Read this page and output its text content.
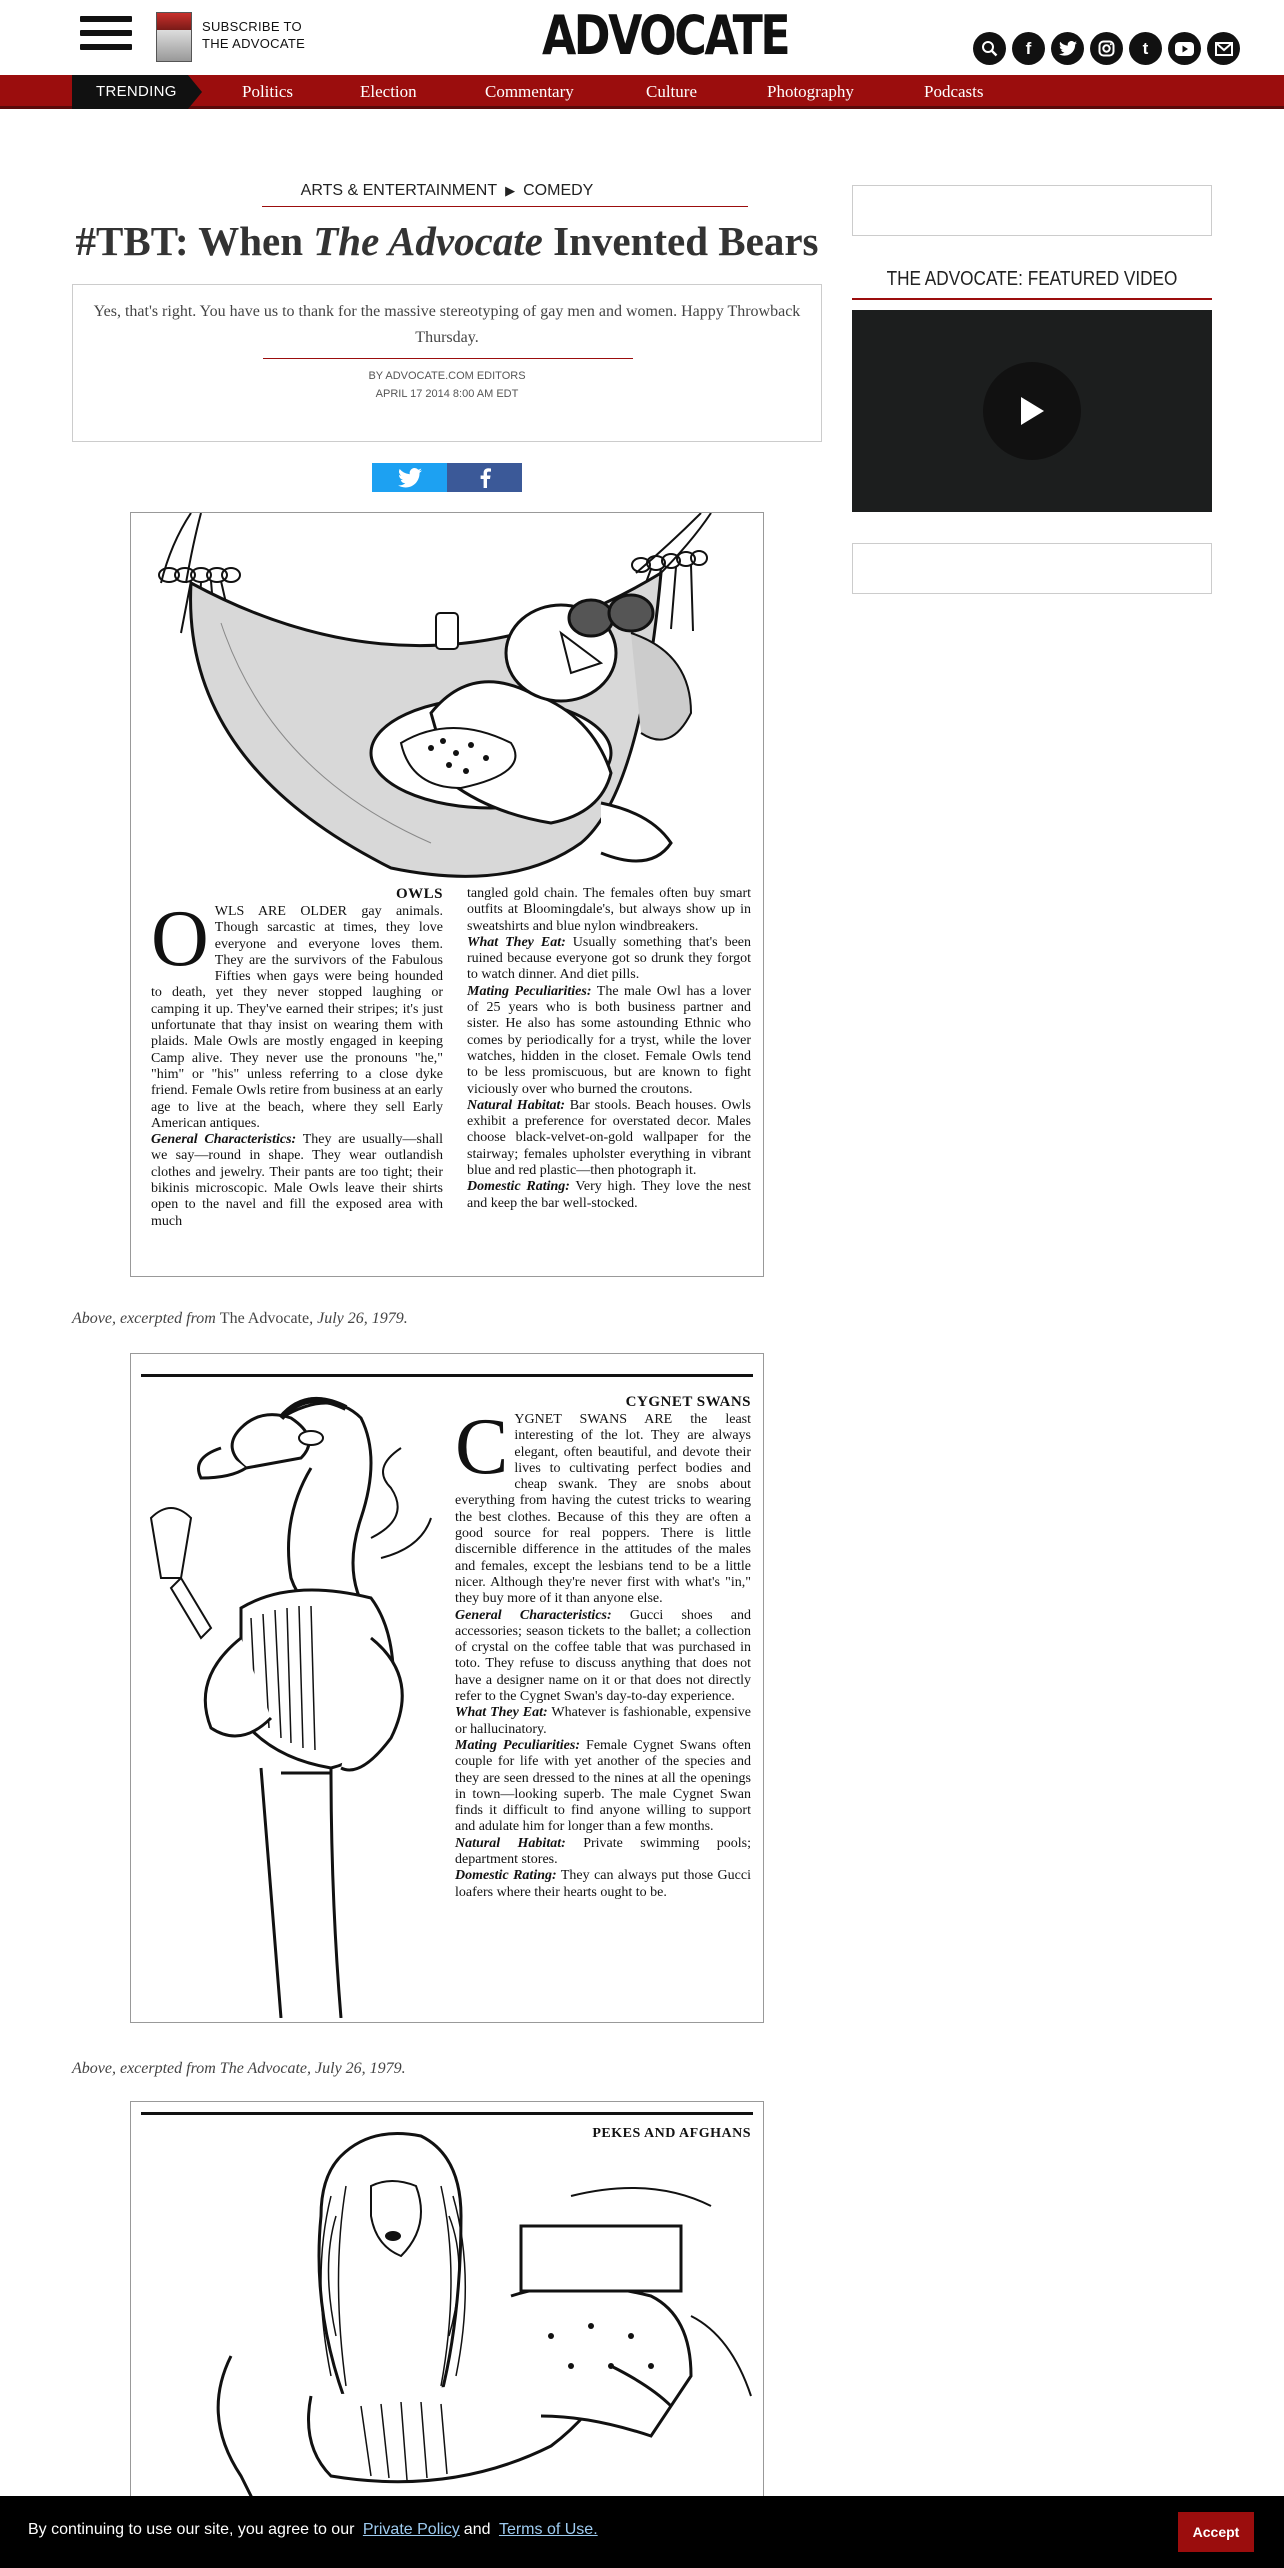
SUBSCRIBE TO
THE ADVOCATE	ADVOCATE	f	t
TRENDING	Politics	Election	Commentary	Culture	Photography	Podcasts
ARTS & ENTERTAINMENT ▶ COMEDY
#TBT: When The Advocate Invented Bears
Yes, that's right. You have us to thank for the massive stereotyping of gay men and women. Happy Throwback Thursday.
BY ADVOCATE.COM EDITORS
APRIL 17 2014 8:00 AM EDT
OWLS
OWLS ARE OLDER gay animals. Though sarcastic at times, they love everyone and everyone loves them. They are the survivors of the Fabulous Fifties when gays were being hounded to death, yet they never stopped laughing or camping it up. They've earned their stripes; it's just unfortunate that thay insist on wearing them with plaids. Male Owls are mostly engaged in keeping Camp alive. They never use the pronouns "he," "him" or "his" unless referring to a close dyke friend. Female Owls retire from business at an early age to live at the beach, where they sell Early American antiques.
General Characteristics: They are usually—shall we say—round in shape. They wear outlandish clothes and jewelry. Their pants are too tight; their bikinis microscopic. Male Owls leave their shirts open to the navel and fill the exposed area with much
tangled gold chain. The females often buy smart outfits at Bloomingdale's, but always show up in sweatshirts and blue nylon windbreakers.
What They Eat: Usually something that's been ruined because everyone got so drunk they forgot to watch dinner. And diet pills.
Mating Peculiarities: The male Owl has a lover of 25 years who is both business partner and sister. He also has some astounding Ethnic who comes by periodically for a tryst, while the lover watches, hidden in the closet. Female Owls tend to be less promiscuous, but are known to fight viciously over who burned the croutons.
Natural Habitat: Bar stools. Beach houses. Owls exhibit a preference for overstated decor. Males choose black-velvet-on-gold wallpaper for the stairway; females upholster everything in vibrant blue and red plastic—then photograph it.
Domestic Rating: Very high. They love the nest and keep the bar well-stocked.
Above, excerpted from The Advocate, July 26, 1979.
CYGNET SWANS
CYGNET SWANS ARE the least interesting of the lot. They are always elegant, often beautiful, and devote their lives to cultivating perfect bodies and cheap swank. They are snobs about everything from having the cutest tricks to wearing the best clothes. Because of this they are often a good source for real poppers. There is little discernible difference in the attitudes of the males and females, except the lesbians tend to be a little nicer. Although they're never first with what's "in," they buy more of it than anyone else.
General Characteristics: Gucci shoes and accessories; season tickets to the ballet; a collection of crystal on the coffee table that was purchased in toto. They refuse to discuss anything that does not have a designer name on it or that does not directly refer to the Cygnet Swan's day-to-day experience.
What They Eat: Whatever is fashionable, expensive or hallucinatory.
Mating Peculiarities: Female Cygnet Swans often couple for life with yet another of the species and they are seen dressed to the nines at all the openings in town—looking superb. The male Cygnet Swan finds it difficult to find anyone willing to support and adulate him for longer than a few months.
Natural Habitat: Private swimming pools; department stores.
Domestic Rating: They can always put those Gucci loafers where their hearts ought to be.
Above, excerpted from The Advocate, July 26, 1979.
PEKES AND AFGHANS
THE ADVOCATE: FEATURED VIDEO
By continuing to use our site, you agree to our Private Policy and Terms of Use.	Accept
